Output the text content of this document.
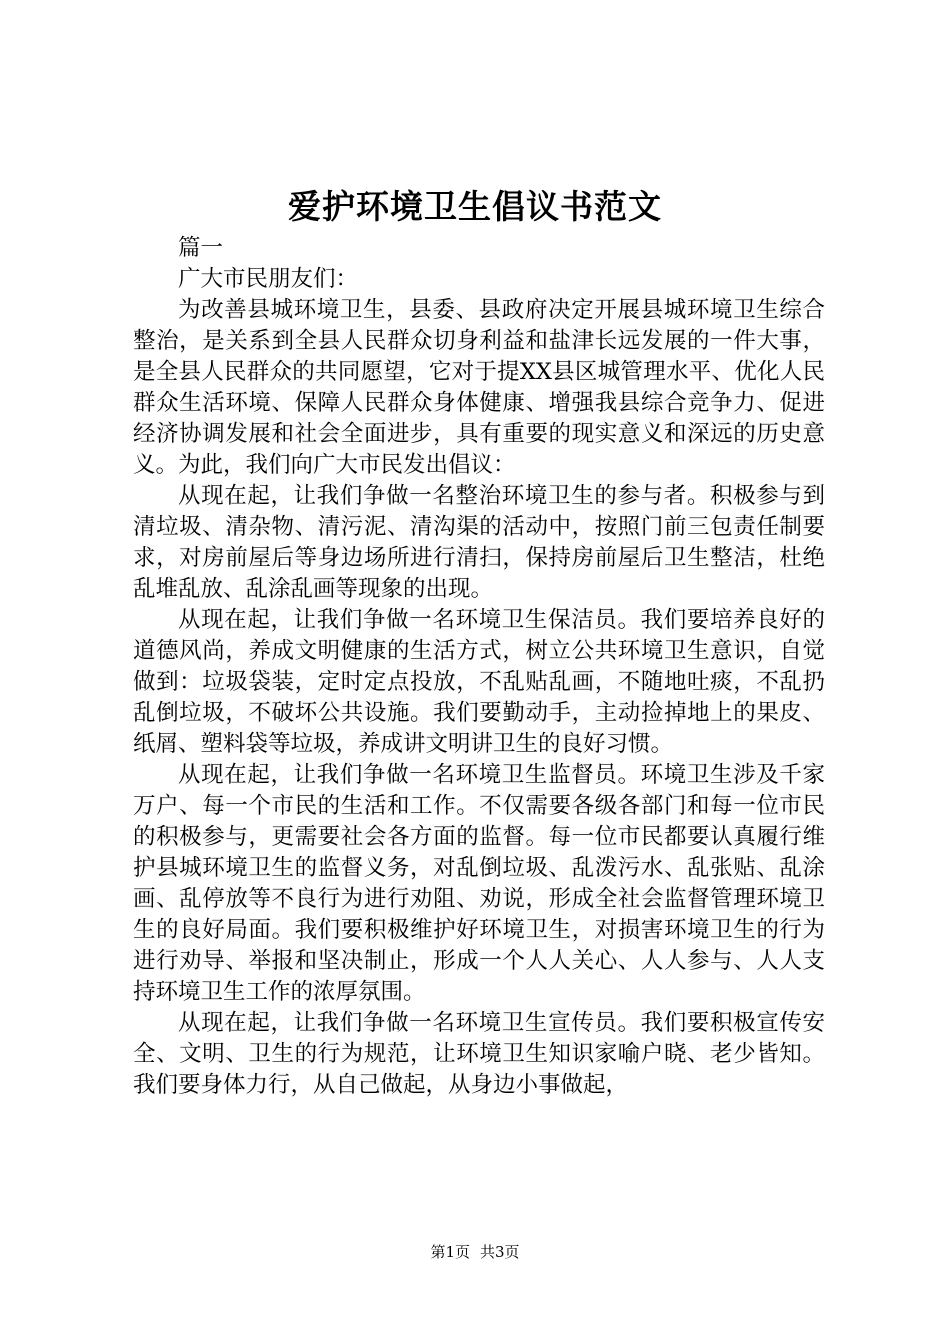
爱护环境卫生倡议书范文

篇一

广大市民朋友们：

为改善县城环境卫生，县委、县政府决定开展县城环境卫生综合整治，是关系到全县人民群众切身利益和盐津长远发展的一件大事，是全县人民群众的共同愿望，它对于提XX县区城管理水平、优化人民群众生活环境、保障人民群众身体健康、增强我县综合竞争力、促进经济协调发展和社会全面进步，具有重要的现实意义和深远的历史意义。为此，我们向广大市民发出倡议：

从现在起，让我们争做一名整治环境卫生的参与者。积极参与到清垃圾、清杂物、清污泥、清沟渠的活动中，按照门前三包责任制要求，对房前屋后等身边场所进行清扫，保持房前屋后卫生整洁，杜绝乱堆乱放、乱涂乱画等现象的出现。

从现在起，让我们争做一名环境卫生保洁员。我们要培养良好的道德风尚，养成文明健康的生活方式，树立公共环境卫生意识，自觉做到：垃圾袋装，定时定点投放，不乱贴乱画，不随地吐痰，不乱扔乱倒垃圾，不破坏公共设施。我们要勤动手，主动捡掉地上的果皮、纸屑、塑料袋等垃圾，养成讲文明讲卫生的良好习惯。

从现在起，让我们争做一名环境卫生监督员。环境卫生涉及千家万户、每一个市民的生活和工作。不仅需要各级各部门和每一位市民的积极参与，更需要社会各方面的监督。每一位市民都要认真履行维护县城环境卫生的监督义务，对乱倒垃圾、乱泼污水、乱张贴、乱涂画、乱停放等不良行为进行劝阻、劝说，形成全社会监督管理环境卫生的良好局面。我们要积极维护好环境卫生，对损害环境卫生的行为进行劝导、举报和坚决制止，形成一个人人关心、人人参与、人人支持环境卫生工作的浓厚氛围。

从现在起，让我们争做一名环境卫生宣传员。我们要积极宣传安全、文明、卫生的行为规范，让环境卫生知识家喻户晓、老少皆知。我们要身体力行，从自己做起，从身边小事做起，

第1页 共3页
